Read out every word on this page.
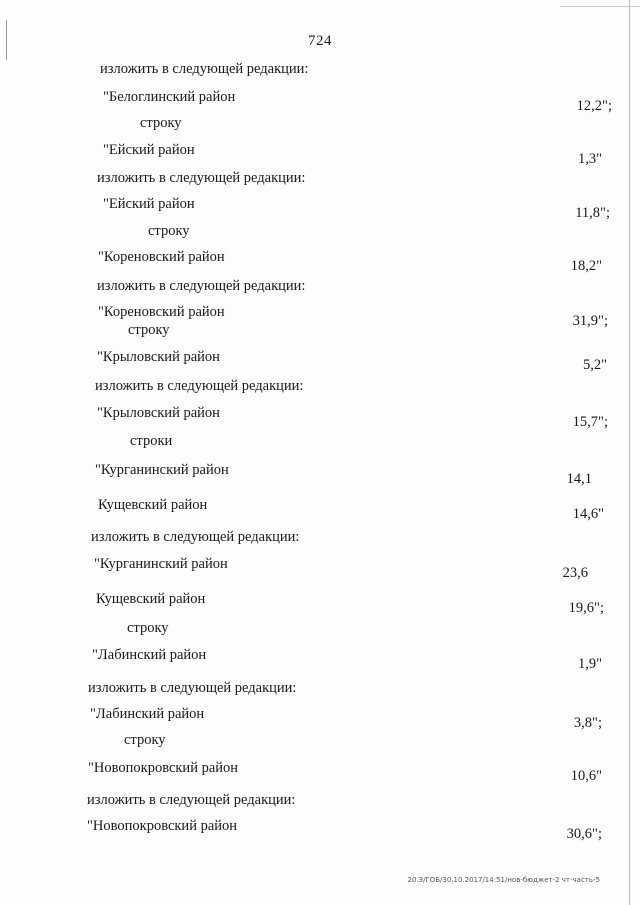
724
изложить в следующей редакции:
"Белоглинский район
12,2";
строку
"Ейский район
1,3"
изложить в следующей редакции:
"Ейский район
11,8";
строку
"Кореновский район
18,2"
изложить в следующей редакции:
"Кореновский район
31,9";
строку
"Крыловский район	5,2"
изложить в следующей редакции:
"Крыловский район
15,7";
строки
"Курганинский район
14,1
Кущевский район
14,6"
изложить в следующей редакции:
"Курганинский район
23,6
Кущевский район
19,6";
строку
"Лабинский район
1,9"
изложить в следующей редакции:
"Лабинский район
3,8";
строку
"Новопокровский район	10,6"
изложить в следующей редакции:
"Новопокровский район	30,6";
20.3/ГОБ/30.10.2017/14:51/нов-бюджет-2 чт-часть-5
